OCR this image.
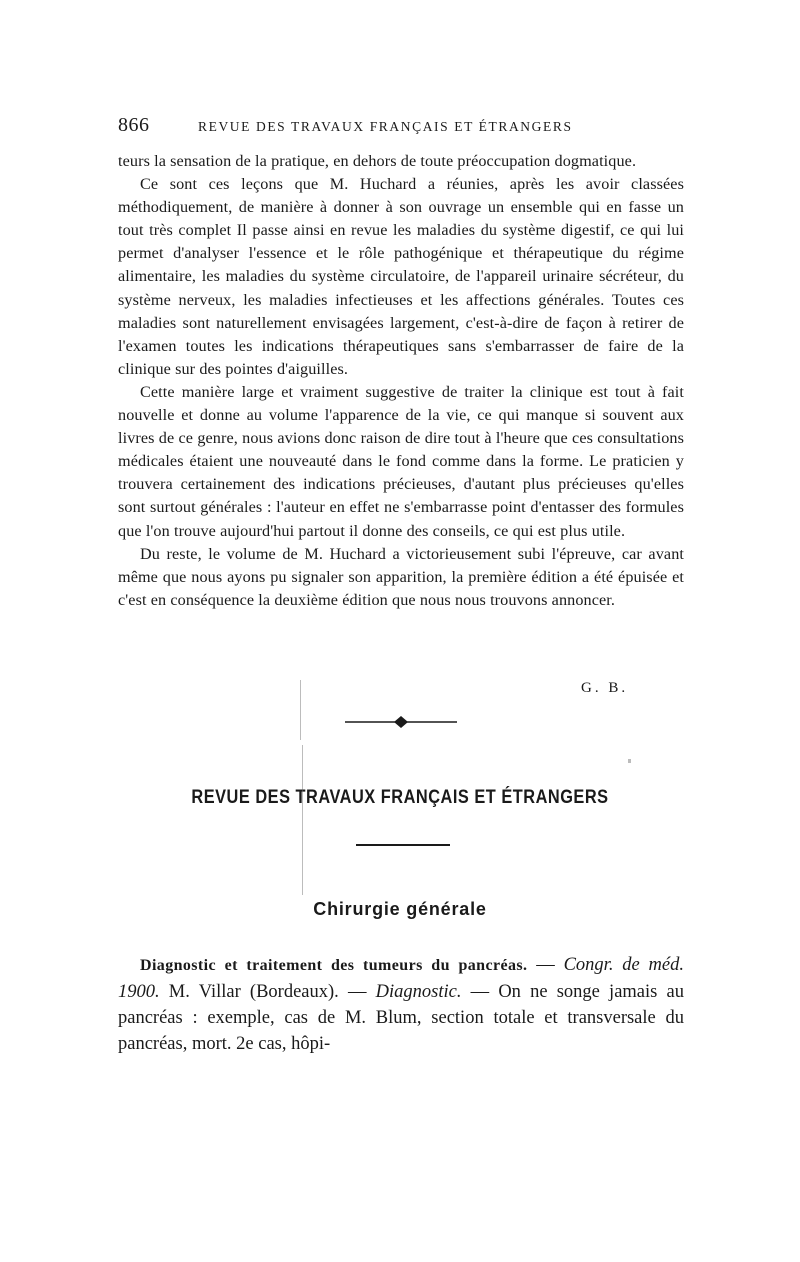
866	REVUE DES TRAVAUX FRANÇAIS ET ÉTRANGERS

teurs la sensation de la pratique, en dehors de toute préoccupation dogmatique.

Ce sont ces leçons que M. Huchard a réunies, après les avoir classées méthodiquement, de manière à donner à son ouvrage un ensemble qui en fasse un tout très complet Il passe ainsi en revue les maladies du système digestif, ce qui lui permet d'analyser l'essence et le rôle pathogénique et thérapeutique du régime alimentaire, les maladies du système circulatoire, de l'appareil urinaire sécréteur, du système nerveux, les maladies infectieuses et les affections générales. Toutes ces maladies sont naturellement envisagées largement, c'est-à-dire de façon à retirer de l'examen toutes les indications thérapeutiques sans s'embarrasser de faire de la clinique sur des pointes d'aiguilles.

Cette manière large et vraiment suggestive de traiter la clinique est tout à fait nouvelle et donne au volume l'apparence de la vie, ce qui manque si souvent aux livres de ce genre, nous avions donc raison de dire tout à l'heure que ces consultations médicales étaient une nouveauté dans le fond comme dans la forme. Le praticien y trouvera certainement des indications précieuses, d'autant plus précieuses qu'elles sont surtout générales : l'auteur en effet ne s'embarrasse point d'entasser des formules que l'on trouve aujourd'hui partout il donne des conseils, ce qui est plus utile.

Du reste, le volume de M. Huchard a victorieusement subi l'épreuve, car avant même que nous ayons pu signaler son apparition, la première édition a été épuisée et c'est en conséquence la deuxième édition que nous nous trouvons annoncer.

G. B.
REVUE DES TRAVAUX FRANÇAIS ET ÉTRANGERS
Chirurgie générale

Diagnostic et traitement des tumeurs du pancréas. — Congr. de méd. 1900. M. Villar (Bordeaux). — Diagnostic. — On ne songe jamais au pancréas : exemple, cas de M. Blum, section totale et transversale du pancréas, mort. 2e cas, hôpi-
